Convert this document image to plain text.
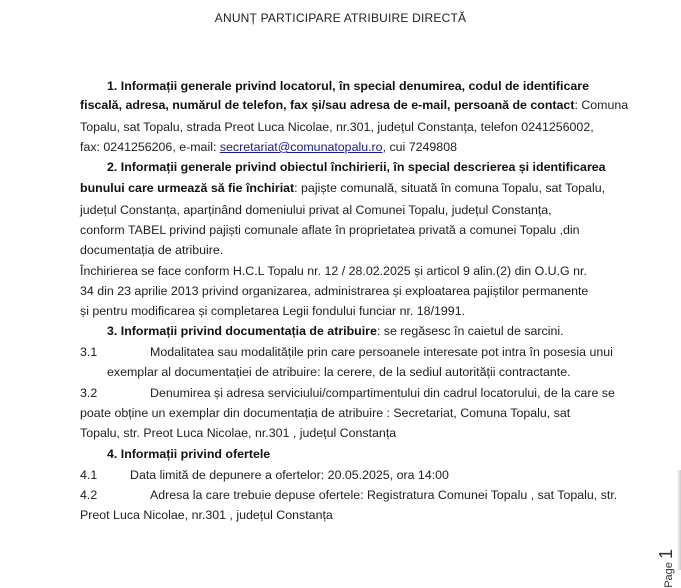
ANUNȚ PARTICIPARE ATRIBUIRE DIRECTĂ
1. Informații generale privind locatorul, în special denumirea, codul de identificare
fiscală, adresa, numărul de telefon, fax și/sau adresa de e-mail, persoană de contact: Comuna
Topalu, sat Topalu, strada Preot Luca Nicolae, nr.301, județul Constanța, telefon 0241256002,
fax: 0241256206, e-mail: secretariat@comunatopalu.ro, cui 7249808
2. Informații generale privind obiectul închirierii, în special descrierea și identificarea
bunului care urmează să fie închiriat: pajiște comunală, situată în comuna Topalu, sat Topalu,
județul Constanța, aparținând domeniului privat al Comunei Topalu, județul Constanța,
conform TABEL privind pajiști comunale aflate în proprietatea privată a comunei Topalu ,din
documentația de atribuire.
Închirierea se face conform H.C.L Topalu nr. 12 / 28.02.2025 și articol 9 alin.(2) din O.U.G nr.
34 din 23 aprilie 2013 privind organizarea, administrarea și exploatarea pajiștilor permanente
și pentru modificarea și completarea Legii fondului funciar nr. 18/1991.
3. Informații privind documentația de atribuire: se regăsesc în caietul de sarcini.
3.1	Modalitatea sau modalitățile prin care persoanele interesate pot intra în posesia unui
exemplar al documentației de atribuire: la cerere, de la sediul autorității contractante.
3.2	Denumirea și adresa serviciului/compartimentului din cadrul locatorului, de la care se
poate obține un exemplar din documentația de atribuire : Secretariat, Comuna Topalu, sat
Topalu, str. Preot Luca Nicolae, nr.301 , județul Constanța
4. Informații privind ofertele
4.1	Data limită de depunere a ofertelor: 20.05.2025, ora 14:00
4.2	Adresa la care trebuie depuse ofertele: Registratura Comunei Topalu , sat Topalu, str.
Preot Luca Nicolae, nr.301 , județul Constanța
Page 1
